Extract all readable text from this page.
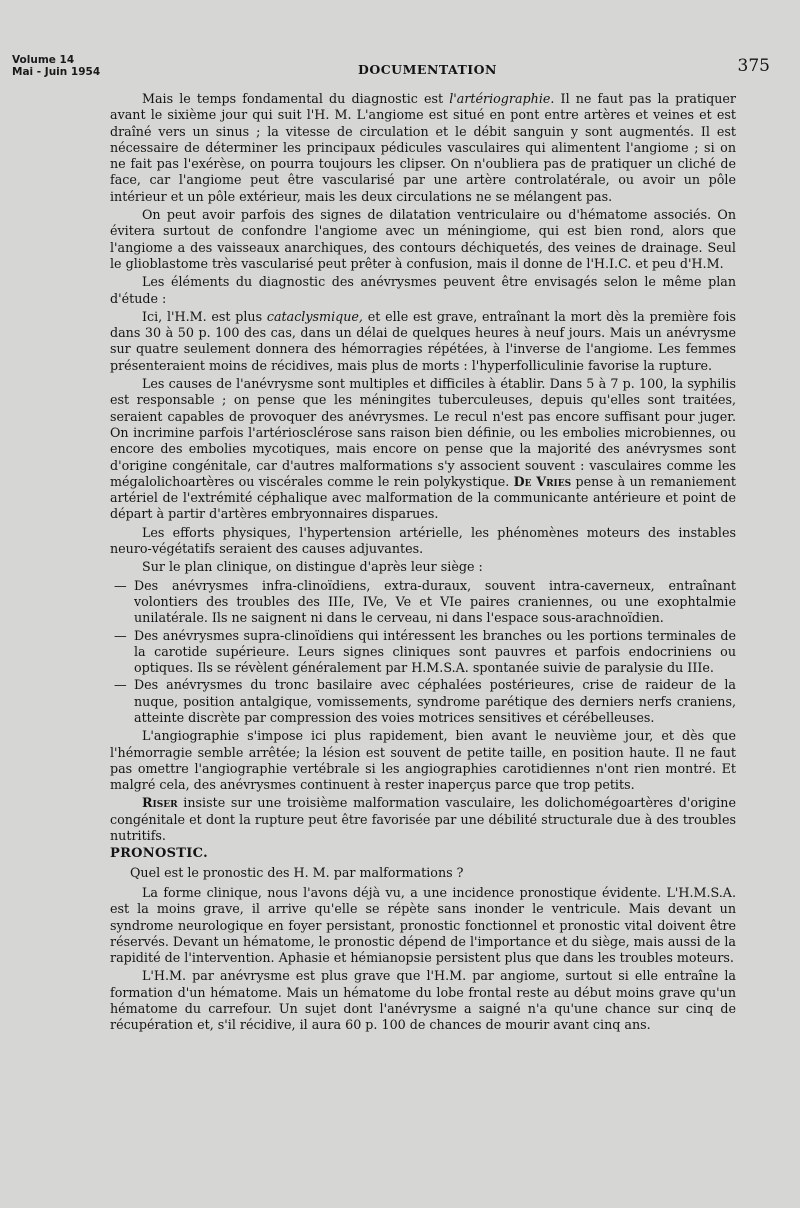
Volume 14
Mai - Juin 1954	DOCUMENTATION	375

Mais le temps fondamental du diagnostic est l'artériographie. Il ne faut pas la pratiquer avant le sixième jour qui suit l'H. M. L'angiome est situé en pont entre artères et veines et est draîné vers un sinus ; la vitesse de circulation et le débit sanguin y sont augmentés. Il est nécessaire de déterminer les principaux pédicules vasculaires qui alimentent l'angiome ; si on ne fait pas l'exérèse, on pourra toujours les clipser. On n'oubliera pas de pratiquer un cliché de face, car l'angiome peut être vascularisé par une artère controlatérale, ou avoir un pôle intérieur et un pôle extérieur, mais les deux circulations ne se mélangent pas.

On peut avoir parfois des signes de dilatation ventriculaire ou d'hématome associés. On évitera surtout de confondre l'angiome avec un méningiome, qui est bien rond, alors que l'angiome a des vaisseaux anarchiques, des contours déchiquetés, des veines de drainage. Seul le glioblastome très vascularisé peut prêter à confusion, mais il donne de l'H.I.C. et peu d'H.M.

Les éléments du diagnostic des anévrysmes peuvent être envisagés selon le même plan d'étude :

Ici, l'H.M. est plus cataclysmique, et elle est grave, entraînant la mort dès la première fois dans 30 à 50 p. 100 des cas, dans un délai de quelques heures à neuf jours. Mais un anévrysme sur quatre seulement donnera des hémorragies répétées, à l'inverse de l'angiome. Les femmes présenteraient moins de récidives, mais plus de morts : l'hyperfolliculinie favorise la rupture.

Les causes de l'anévrysme sont multiples et difficiles à établir. Dans 5 à 7 p. 100, la syphilis est responsable ; on pense que les méningites tuberculeuses, depuis qu'elles sont traitées, seraient capables de provoquer des anévrysmes. Le recul n'est pas encore suffisant pour juger. On incrimine parfois l'artériosclérose sans raison bien définie, ou les embolies microbiennes, ou encore des embolies mycotiques, mais encore on pense que la majorité des anévrysmes sont d'origine congénitale, car d'autres malformations s'y associent souvent : vasculaires comme les mégalolichoartères ou viscérales comme le rein polykystique. De Vries pense à un remaniement artériel de l'extrémité céphalique avec malformation de la communicante antérieure et point de départ à partir d'artères embryonnaires disparues.

Les efforts physiques, l'hypertension artérielle, les phénomènes moteurs des instables neuro-végétatifs seraient des causes adjuvantes.

Sur le plan clinique, on distingue d'après leur siège :

— Des anévrysmes infra-clinoïdiens, extra-duraux, souvent intra-caverneux, entraînant volontiers des troubles des IIIe, IVe, Ve et VIe paires craniennes, ou une exophtalmie unilatérale. Ils ne saignent ni dans le cerveau, ni dans l'espace sous-arachnoïdien.
— Des anévrysmes supra-clinoïdiens qui intéressent les branches ou les portions terminales de la carotide supérieure. Leurs signes cliniques sont pauvres et parfois endocriniens ou optiques. Ils se révèlent généralement par H.M.S.A. spontanée suivie de paralysie du IIIe.
— Des anévrysmes du tronc basilaire avec céphalées postérieures, crise de raideur de la nuque, position antalgique, vomissements, syndrome parétique des derniers nerfs craniens, atteinte discrète par compression des voies motrices sensitives et cérébelleuses.

L'angiographie s'impose ici plus rapidement, bien avant le neuvième jour, et dès que l'hémorragie semble arrêtée; la lésion est souvent de petite taille, en position haute. Il ne faut pas omettre l'angiographie vertébrale si les angiographies carotidiennes n'ont rien montré. Et malgré cela, des anévrysmes continuent à rester inaperçus parce que trop petits.

Riser insiste sur une troisième malformation vasculaire, les dolichomégoartères d'origine congénitale et dont la rupture peut être favorisée par une débilité structurale due à des troubles nutritifs.

PRONOSTIC.

Quel est le pronostic des H. M. par malformations ?

La forme clinique, nous l'avons déjà vu, a une incidence pronostique évidente. L'H.M.S.A. est la moins grave, il arrive qu'elle se répète sans inonder le ventricule. Mais devant un syndrome neurologique en foyer persistant, pronostic fonctionnel et pronostic vital doivent être réservés. Devant un hématome, le pronostic dépend de l'importance et du siège, mais aussi de la rapidité de l'intervention. Aphasie et hémianopsie persistent plus que dans les troubles moteurs.

L'H.M. par anévrysme est plus grave que l'H.M. par angiome, surtout si elle entraîne la formation d'un hématome. Mais un hématome du lobe frontal reste au début moins grave qu'un hématome du carrefour. Un sujet dont l'anévrysme a saigné n'a qu'une chance sur cinq de récupération et, s'il récidive, il aura 60 p. 100 de chances de mourir avant cinq ans.
